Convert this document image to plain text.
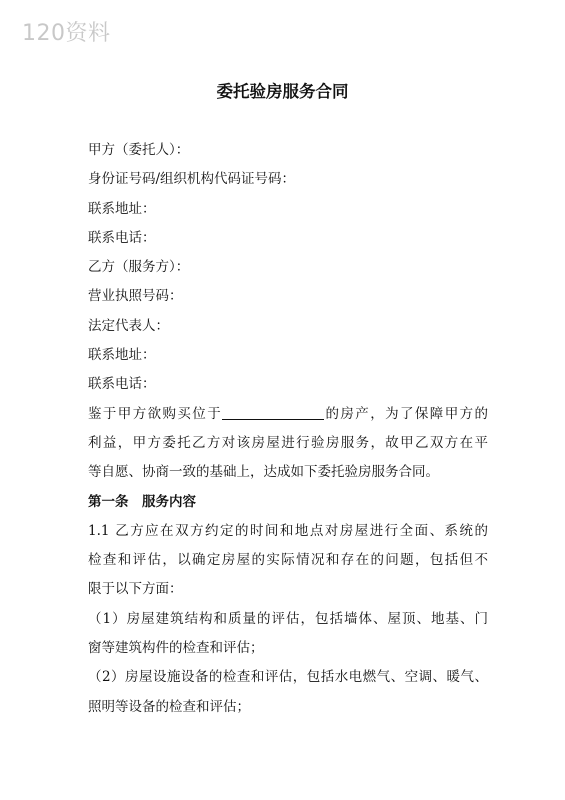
120资料
委托验房服务合同
甲方（委托人）：
身份证号码/组织机构代码证号码：
联系地址：
联系电话：
乙方（服务方）：
营业执照号码：
法定代表人：
联系地址：
联系电话：
鉴于甲方欲购买位于	的房产，为了保障甲方的
利益，甲方委托乙方对该房屋进行验房服务，故甲乙双方在平
等自愿、协商一致的基础上，达成如下委托验房服务合同。
第一条　服务内容
1.1 乙方应在双方约定的时间和地点对房屋进行全面、系统的
检查和评估，以确定房屋的实际情况和存在的问题，包括但不
限于以下方面：
（1）房屋建筑结构和质量的评估，包括墙体、屋顶、地基、门
窗等建筑构件的检查和评估；
（2）房屋设施设备的检查和评估，包括水电燃气、空调、暖气、
照明等设备的检查和评估；
